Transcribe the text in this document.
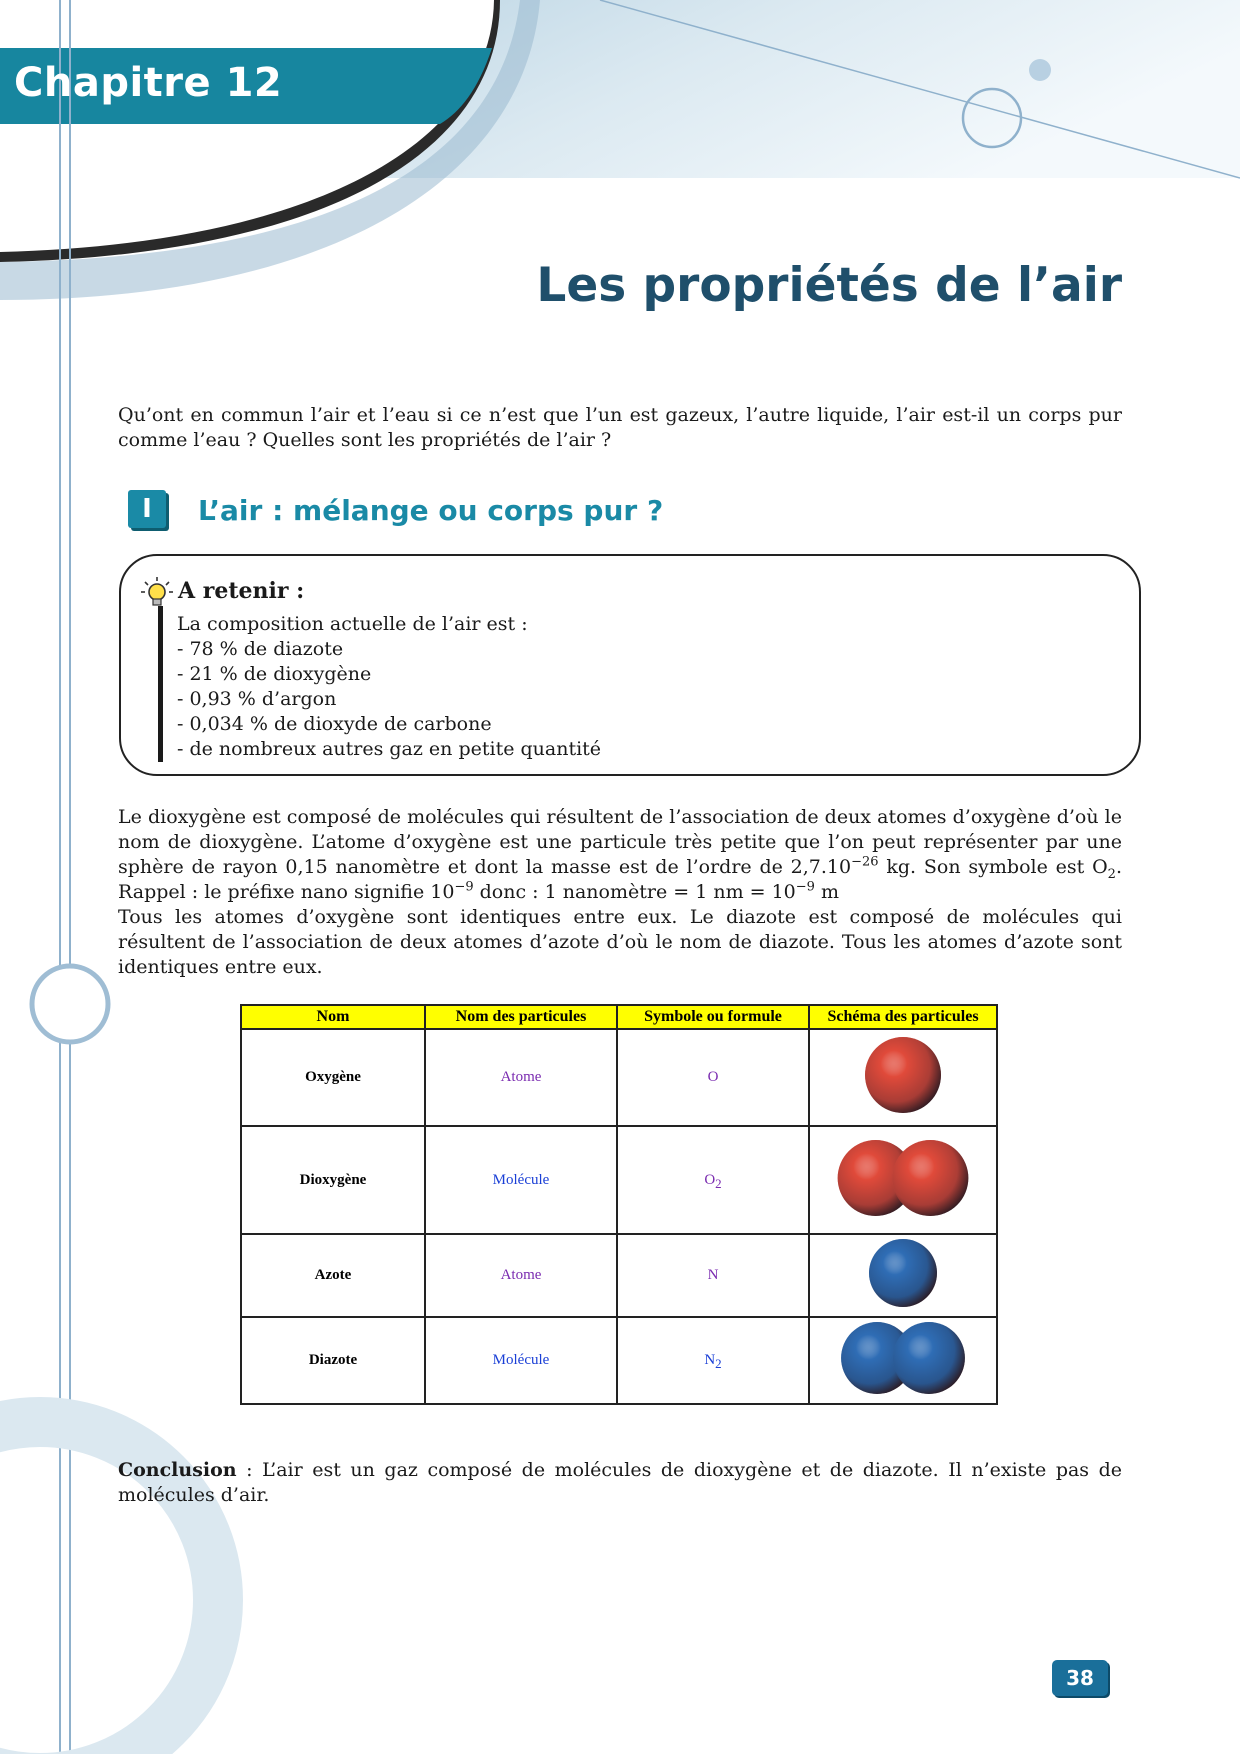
Chapitre 12
Les propriétés de l’air

Qu’ont en commun l’air et l’eau si ce n’est que l’un est gazeux, l’autre liquide, l’air est-il un corps pur comme l’eau ? Quelles sont les propriétés de l’air ?

I	L’air : mélange ou corps pur ?
A retenir :
La composition actuelle de l’air est :
- 78 % de diazote
- 21 % de dioxygène
- 0,93 % d’argon
- 0,034 % de dioxyde de carbone
- de nombreux autres gaz en petite quantité

Le dioxygène est composé de molécules qui résultent de l’association de deux atomes d’oxygène d’où le nom de dioxygène. L’atome d’oxygène est une particule très petite que l’on peut représenter par une sphère de rayon 0,15 nanomètre et dont la masse est de l’ordre de $2,7.10^{-26}$ kg. Son symbole est $O_2$. Rappel : le préfixe nano signifie $10^{-9}$ donc : 1 nanomètre = 1 nm = $10^{-9}$ m

Tous les atomes d’oxygène sont identiques entre eux. Le diazote est composé de molécules qui résultent de l’association de deux atomes d’azote d’où le nom de diazote. Tous les atomes d’azote sont identiques entre eux.

Nom	Nom des particules	Symbole ou formule	Schéma des particules
Oxygène	Atome	O	
Dioxygène	Molécule	$O_2$	
Azote	Atome	N	
Diazote	Molécule	$N_2$	

Conclusion : L’air est un gaz composé de molécules de dioxygène et de diazote. Il n’existe pas de molécules d’air.

38
